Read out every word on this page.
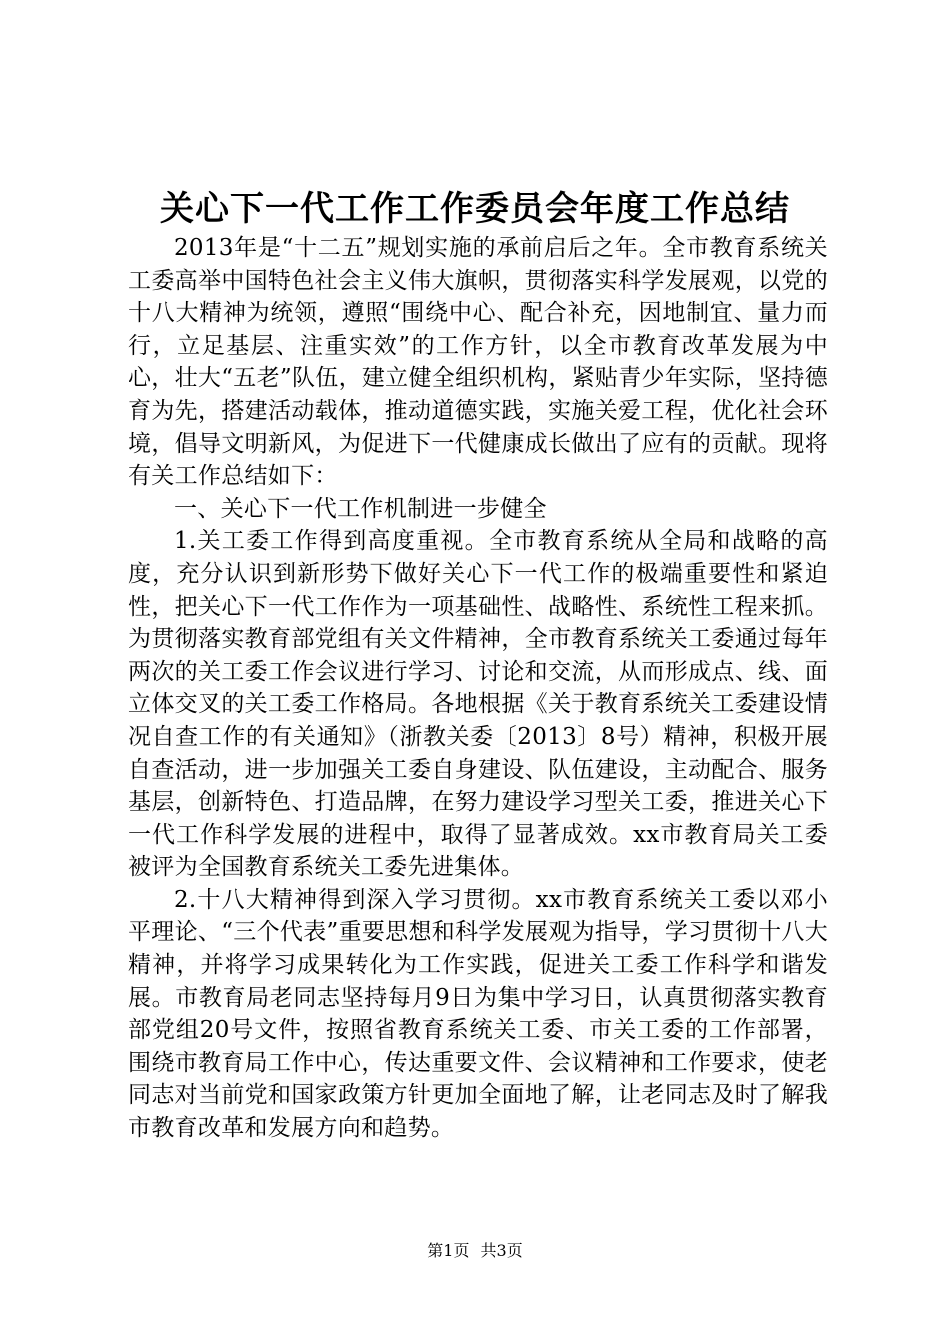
关心下一代工作工作委员会年度工作总结

2013年是“十二五”规划实施的承前启后之年。全市教育系统关工委高举中国特色社会主义伟大旗帜，贯彻落实科学发展观，以党的十八大精神为统领，遵照“围绕中心、配合补充，因地制宜、量力而行，立足基层、注重实效”的工作方针，以全市教育改革发展为中心，壮大“五老”队伍，建立健全组织机构，紧贴青少年实际，坚持德育为先，搭建活动载体，推动道德实践，实施关爱工程，优化社会环境，倡导文明新风，为促进下一代健康成长做出了应有的贡献。现将有关工作总结如下：

一、关心下一代工作机制进一步健全

1.关工委工作得到高度重视。全市教育系统从全局和战略的高度，充分认识到新形势下做好关心下一代工作的极端重要性和紧迫性，把关心下一代工作作为一项基础性、战略性、系统性工程来抓。为贯彻落实教育部党组有关文件精神，全市教育系统关工委通过每年两次的关工委工作会议进行学习、讨论和交流，从而形成点、线、面立体交叉的关工委工作格局。各地根据《关于教育系统关工委建设情况自查工作的有关通知》（浙教关委〔2013〕8号）精神，积极开展自查活动，进一步加强关工委自身建设、队伍建设，主动配合、服务基层，创新特色、打造品牌，在努力建设学习型关工委，推进关心下一代工作科学发展的进程中，取得了显著成效。xx市教育局关工委被评为全国教育系统关工委先进集体。

2.十八大精神得到深入学习贯彻。xx市教育系统关工委以邓小平理论、“三个代表”重要思想和科学发展观为指导，学习贯彻十八大精神，并将学习成果转化为工作实践，促进关工委工作科学和谐发展。市教育局老同志坚持每月9日为集中学习日，认真贯彻落实教育部党组20号文件，按照省教育系统关工委、市关工委的工作部署，围绕市教育局工作中心，传达重要文件、会议精神和工作要求，使老同志对当前党和国家政策方针更加全面地了解，让老同志及时了解我市教育改革和发展方向和趋势。

第1页 共3页
